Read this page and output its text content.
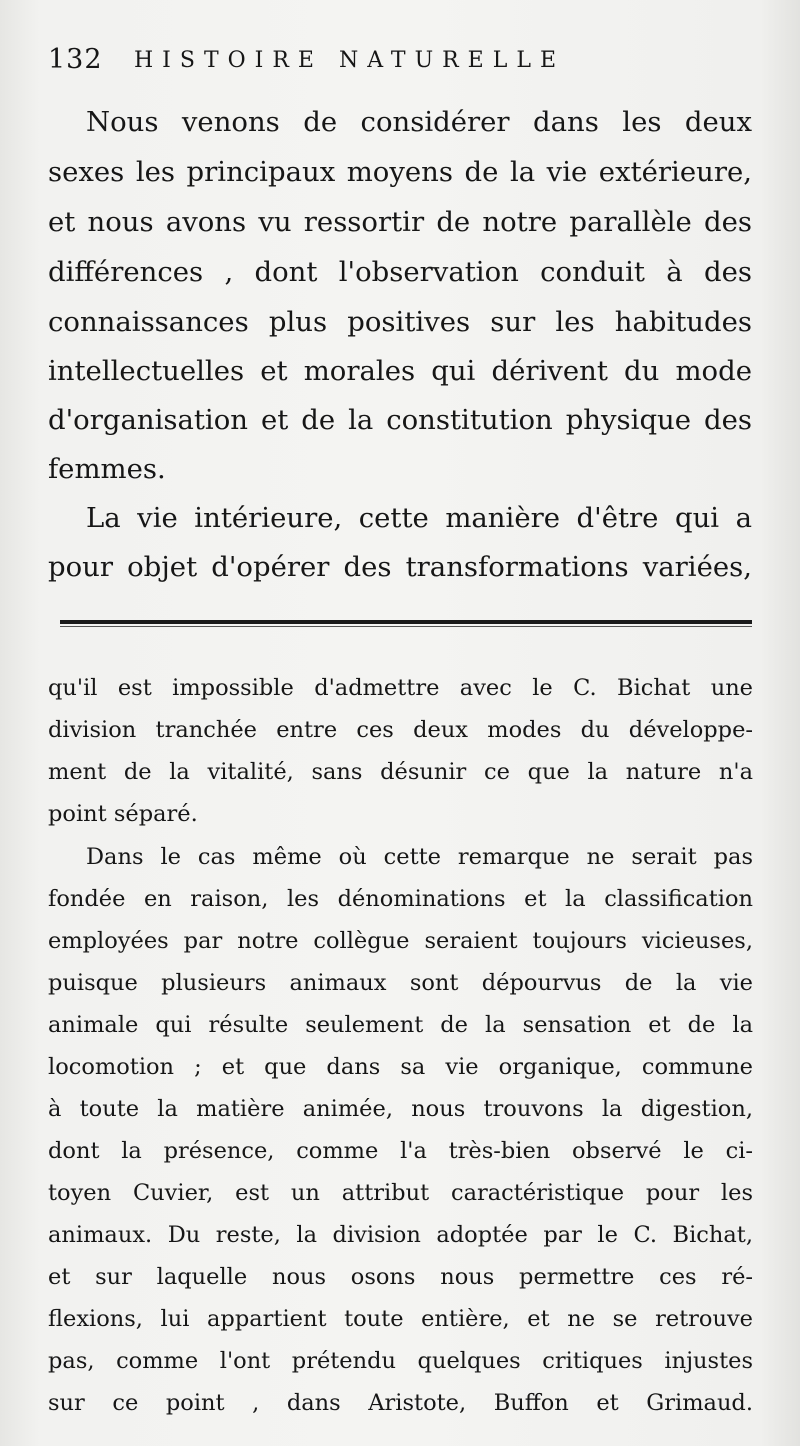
132 HISTOIRE NATURELLE
Nous venons de considérer dans les deux
sexes les principaux moyens de la vie extérieure,
et nous avons vu ressortir de notre parallèle des
différences , dont l'observation conduit à des
connaissances plus positives sur les habitudes
intellectuelles et morales qui dérivent du mode
d'organisation et de la constitution physique des
femmes.
La vie intérieure, cette manière d'être qui a
pour objet d'opérer des transformations variées,
qu'il est impossible d'admettre avec le C. Bichat une
division tranchée entre ces deux modes du développe-
ment de la vitalité, sans désunir ce que la nature n'a
point séparé.
Dans le cas même où cette remarque ne serait pas
fondée en raison, les dénominations et la classification
employées par notre collègue seraient toujours vicieuses,
puisque plusieurs animaux sont dépourvus de la vie
animale qui résulte seulement de la sensation et de la
locomotion ; et que dans sa vie organique, commune
à toute la matière animée, nous trouvons la digestion,
dont la présence, comme l'a très-bien observé le ci-
toyen Cuvier, est un attribut caractéristique pour les
animaux. Du reste, la division adoptée par le C. Bichat,
et sur laquelle nous osons nous permettre ces ré-
flexions, lui appartient toute entière, et ne se retrouve
pas, comme l'ont prétendu quelques critiques injustes
sur ce point , dans Aristote, Buffon et Grimaud.
